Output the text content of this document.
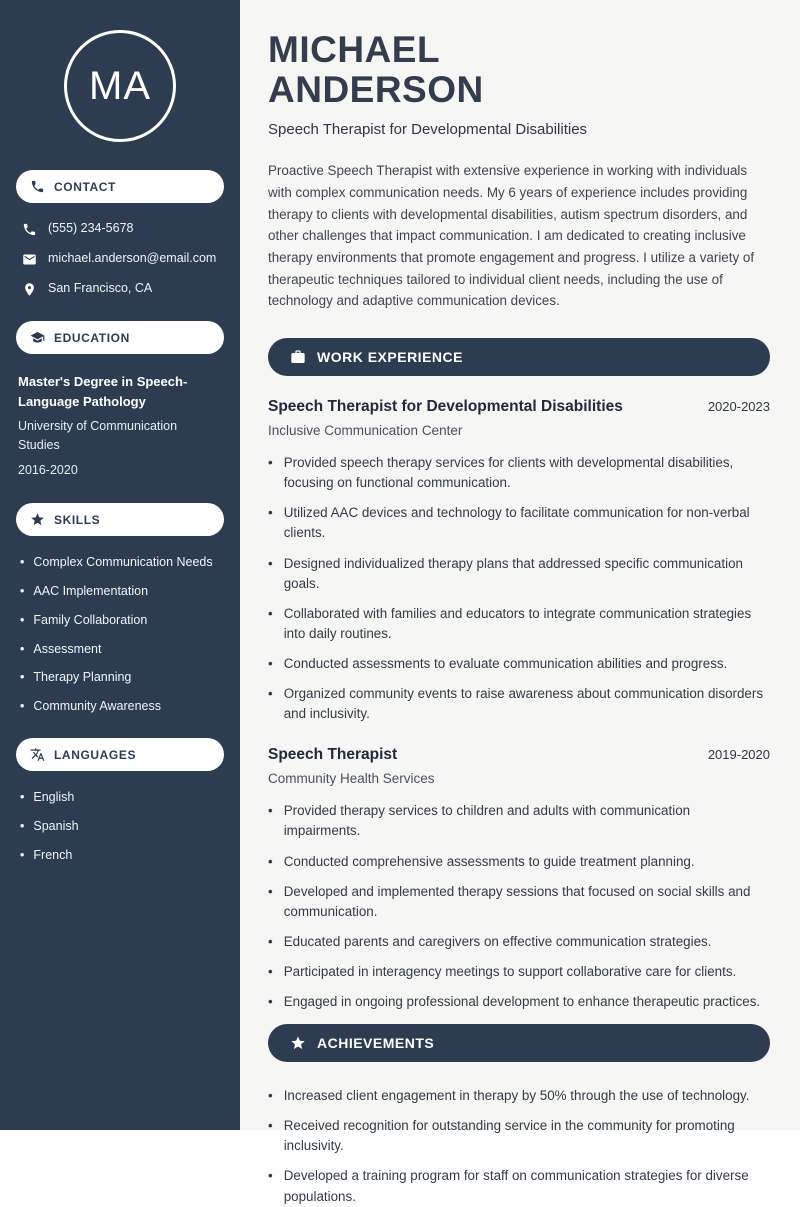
MA
CONTACT
(555) 234-5678
michael.anderson@email.com
San Francisco, CA
EDUCATION
Master's Degree in Speech-Language Pathology
University of Communication Studies
2016-2020
SKILLS
• Complex Communication Needs
• AAC Implementation
• Family Collaboration
• Assessment
• Therapy Planning
• Community Awareness
LANGUAGES
• English
• Spanish
• French
MICHAEL
ANDERSON
Speech Therapist for Developmental Disabilities

Proactive Speech Therapist with extensive experience in working with individuals with complex communication needs. My 6 years of experience includes providing therapy to clients with developmental disabilities, autism spectrum disorders, and other challenges that impact communication. I am dedicated to creating inclusive therapy environments that promote engagement and progress. I utilize a variety of therapeutic techniques tailored to individual client needs, including the use of technology and adaptive communication devices.

WORK EXPERIENCE
Speech Therapist for Developmental Disabilities	2020-2023
Inclusive Communication Center
• Provided speech therapy services for clients with developmental disabilities, focusing on functional communication.
• Utilized AAC devices and technology to facilitate communication for non-verbal clients.
• Designed individualized therapy plans that addressed specific communication goals.
• Collaborated with families and educators to integrate communication strategies into daily routines.
• Conducted assessments to evaluate communication abilities and progress.
• Organized community events to raise awareness about communication disorders and inclusivity.
Speech Therapist	2019-2020
Community Health Services
• Provided therapy services to children and adults with communication impairments.
• Conducted comprehensive assessments to guide treatment planning.
• Developed and implemented therapy sessions that focused on social skills and communication.
• Educated parents and caregivers on effective communication strategies.
• Participated in interagency meetings to support collaborative care for clients.
• Engaged in ongoing professional development to enhance therapeutic practices.
ACHIEVEMENTS
• Increased client engagement in therapy by 50% through the use of technology.
• Received recognition for outstanding service in the community for promoting inclusivity.
• Developed a training program for staff on communication strategies for diverse populations.
